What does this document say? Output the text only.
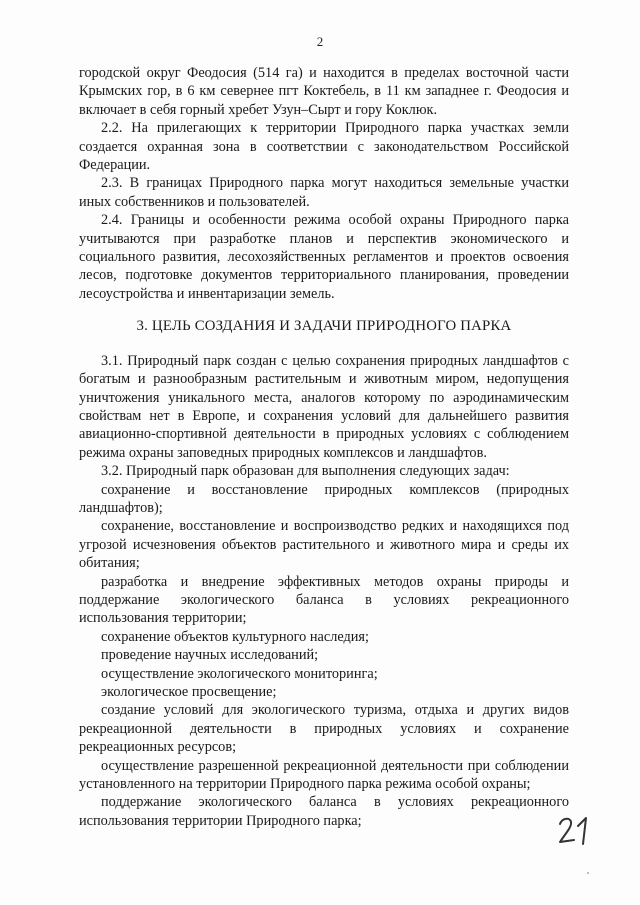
2

городской округ Феодосия (514 га) и находится в пределах восточной части Крымских гор, в 6 км севернее пгт Коктебель, в 11 км западнее г. Феодосия и включает в себя горный хребет Узун–Сырт и гору Коклюк.

2.2. На прилегающих к территории Природного парка участках земли создается охранная зона в соответствии с законодательством Российской Федерации.

2.3. В границах Природного парка могут находиться земельные участки иных собственников и пользователей.

2.4. Границы и особенности режима особой охраны Природного парка учитываются при разработке планов и перспектив экономического и социального развития, лесохозяйственных регламентов и проектов освоения лесов, подготовке документов территориального планирования, проведении лесоустройства и инвентаризации земель.

3. ЦЕЛЬ СОЗДАНИЯ И ЗАДАЧИ ПРИРОДНОГО ПАРКА

3.1. Природный парк создан с целью сохранения природных ландшафтов с богатым и разнообразным растительным и животным миром, недопущения уничтожения уникального места, аналогов которому по аэродинамическим свойствам нет в Европе, и сохранения условий для дальнейшего развития авиационно-спортивной деятельности в природных условиях с соблюдением режима охраны заповедных природных комплексов и ландшафтов.

3.2. Природный парк образован для выполнения следующих задач:

сохранение и восстановление природных комплексов (природных ландшафтов);

сохранение, восстановление и воспроизводство редких и находящихся под угрозой исчезновения объектов растительного и животного мира и среды их обитания;

разработка и внедрение эффективных методов охраны природы и поддержание экологического баланса в условиях рекреационного использования территории;

сохранение объектов культурного наследия;

проведение научных исследований;

осуществление экологического мониторинга;

экологическое просвещение;

создание условий для экологического туризма, отдыха и других видов рекреационной деятельности в природных условиях и сохранение рекреационных ресурсов;

осуществление разрешенной рекреационной деятельности при соблюдении установленного на территории Природного парка режима особой охраны;

поддержание экологического баланса в условиях рекреационного использования территории Природного парка;
